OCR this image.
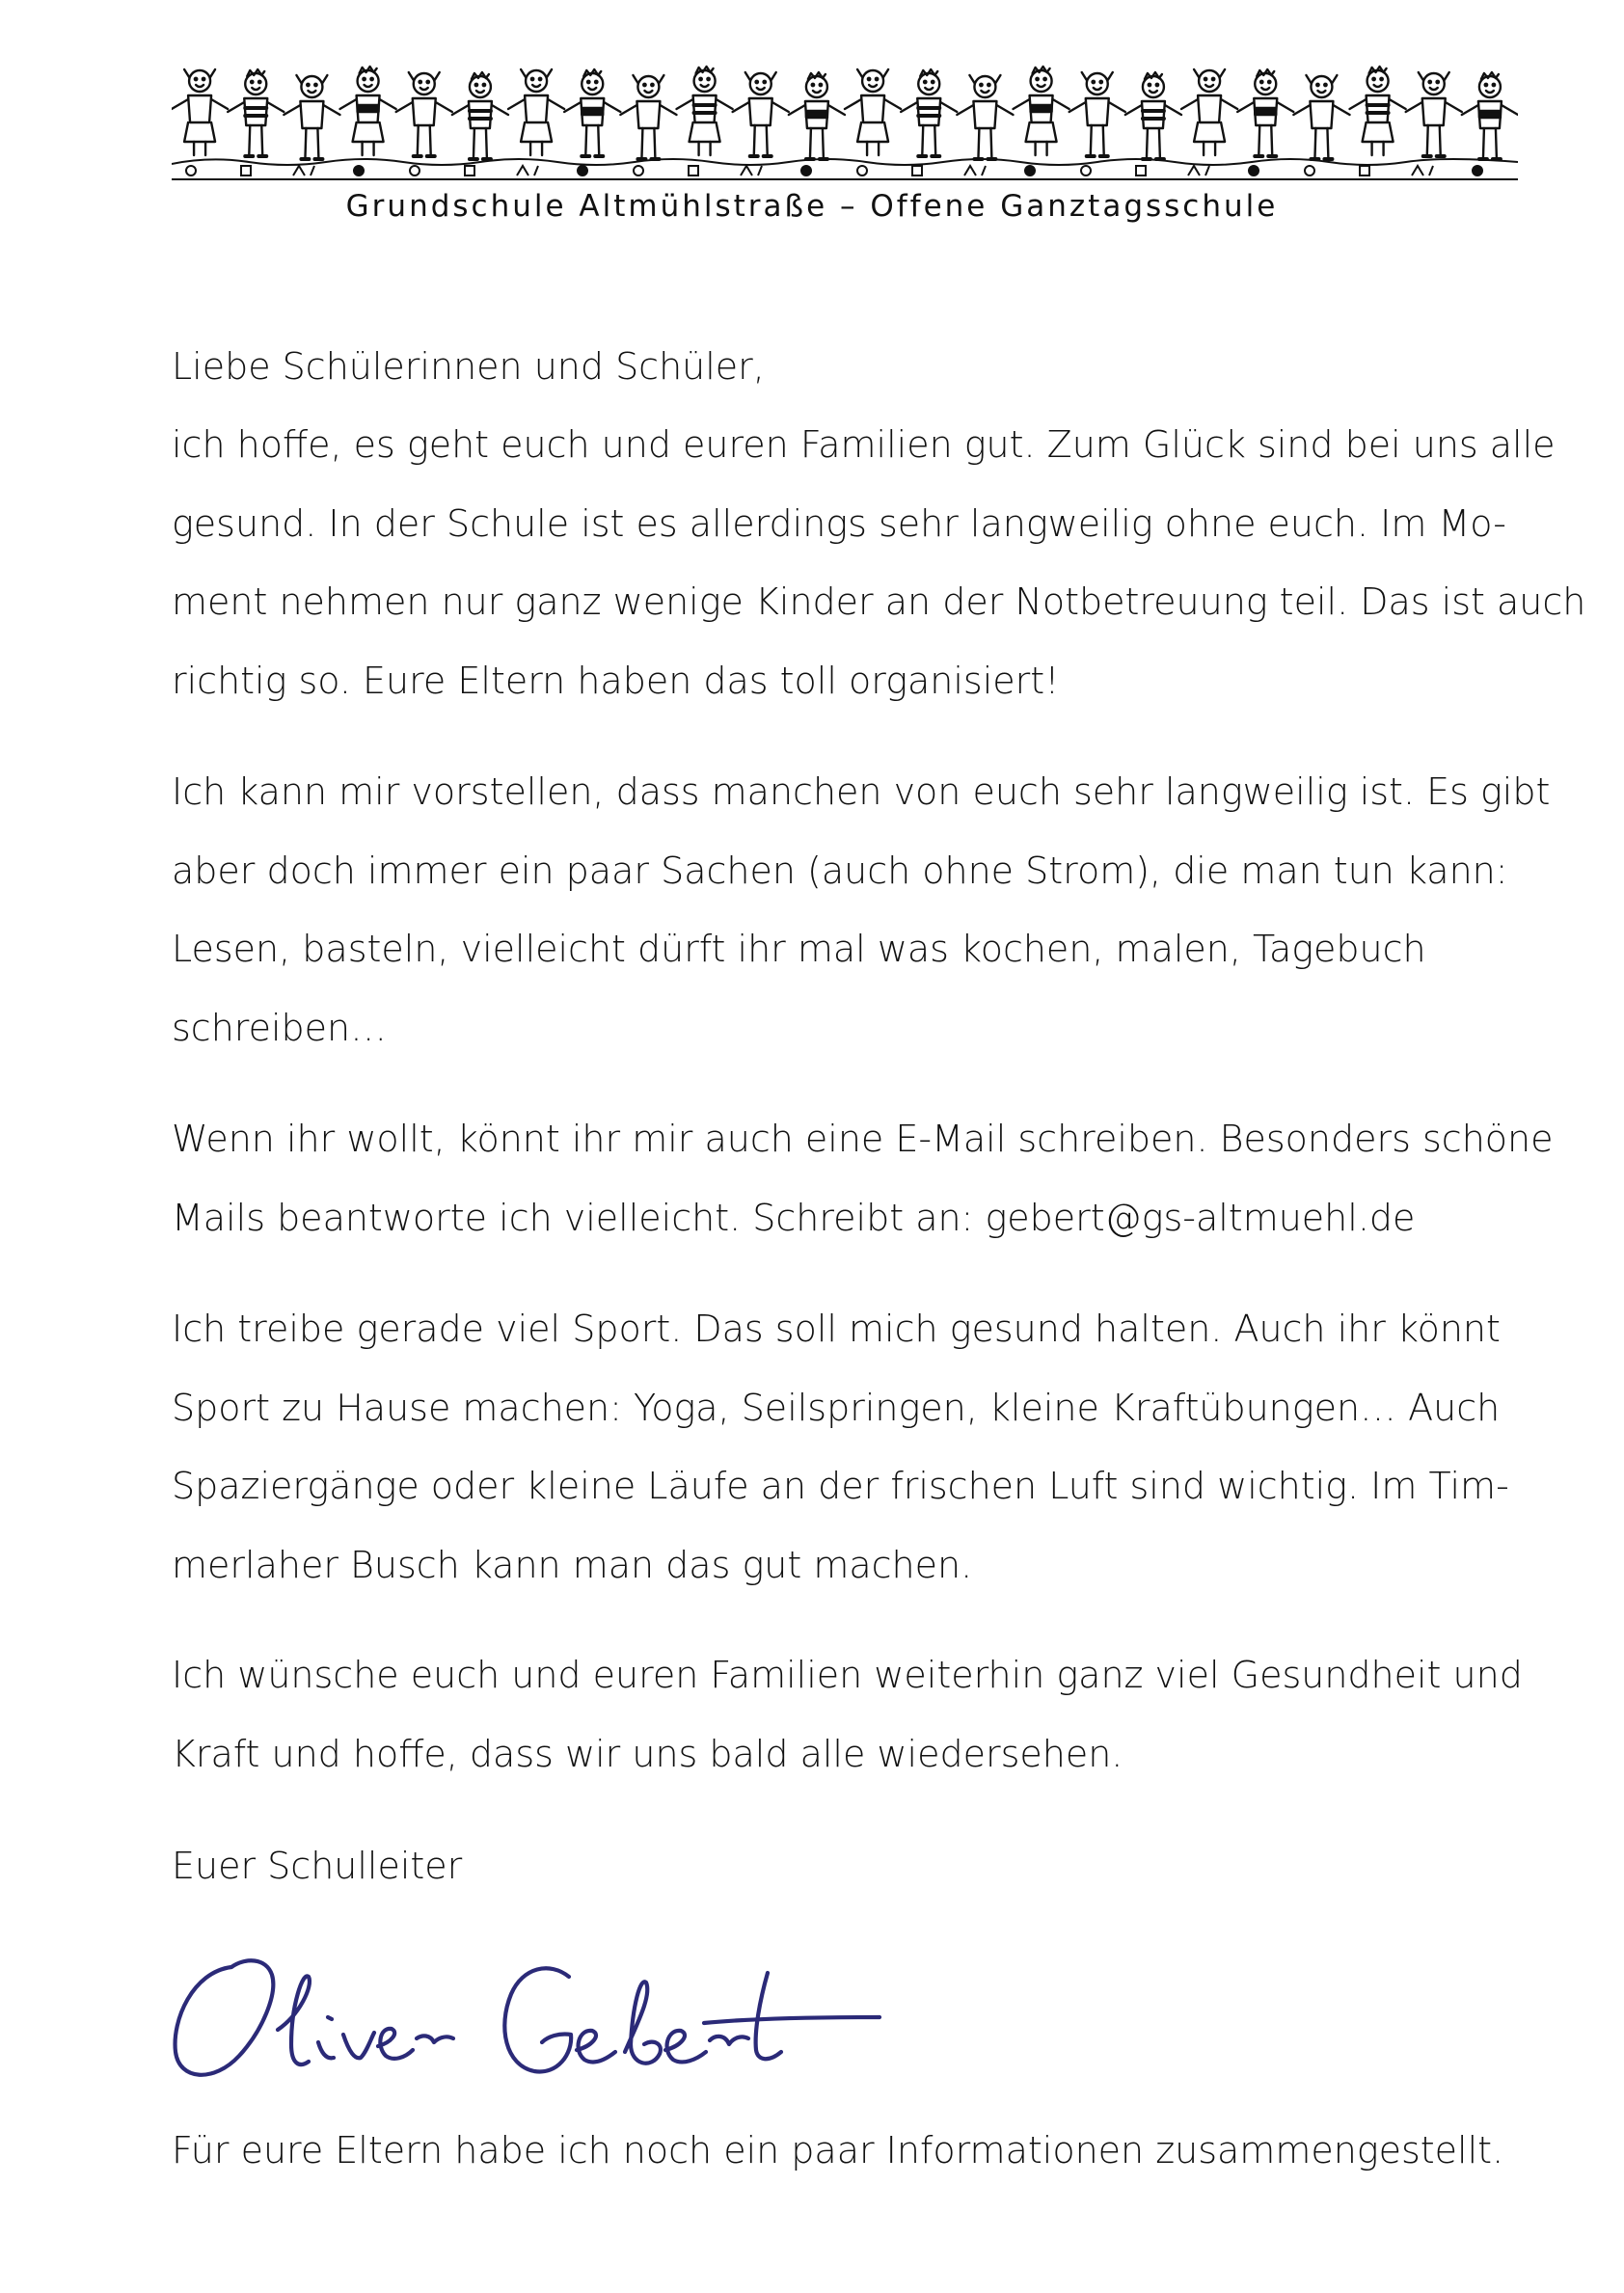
Grundschule Altmühlstraße – Offene Ganztagsschule
Liebe Schülerinnen und Schüler,
ich hoffe, es geht euch und euren Familien gut. Zum Glück sind bei uns alle
gesund. In der Schule ist es allerdings sehr langweilig ohne euch. Im Mo-
ment nehmen nur ganz wenige Kinder an der Notbetreuung teil. Das ist auch
richtig so. Eure Eltern haben das toll organisiert!
Ich kann mir vorstellen, dass manchen von euch sehr langweilig ist. Es gibt
aber doch immer ein paar Sachen (auch ohne Strom), die man tun kann:
Lesen, basteln, vielleicht dürft ihr mal was kochen, malen, Tagebuch
schreiben…
Wenn ihr wollt, könnt ihr mir auch eine E-Mail schreiben. Besonders schöne
Mails beantworte ich vielleicht. Schreibt an: gebert@gs-altmuehl.de
Ich treibe gerade viel Sport. Das soll mich gesund halten. Auch ihr könnt
Sport zu Hause machen: Yoga, Seilspringen, kleine Kraftübungen… Auch
Spaziergänge oder kleine Läufe an der frischen Luft sind wichtig. Im Tim-
merlaher Busch kann man das gut machen.
Ich wünsche euch und euren Familien weiterhin ganz viel Gesundheit und
Kraft und hoffe, dass wir uns bald alle wiedersehen.
Euer Schulleiter
Für eure Eltern habe ich noch ein paar Informationen zusammengestellt.
